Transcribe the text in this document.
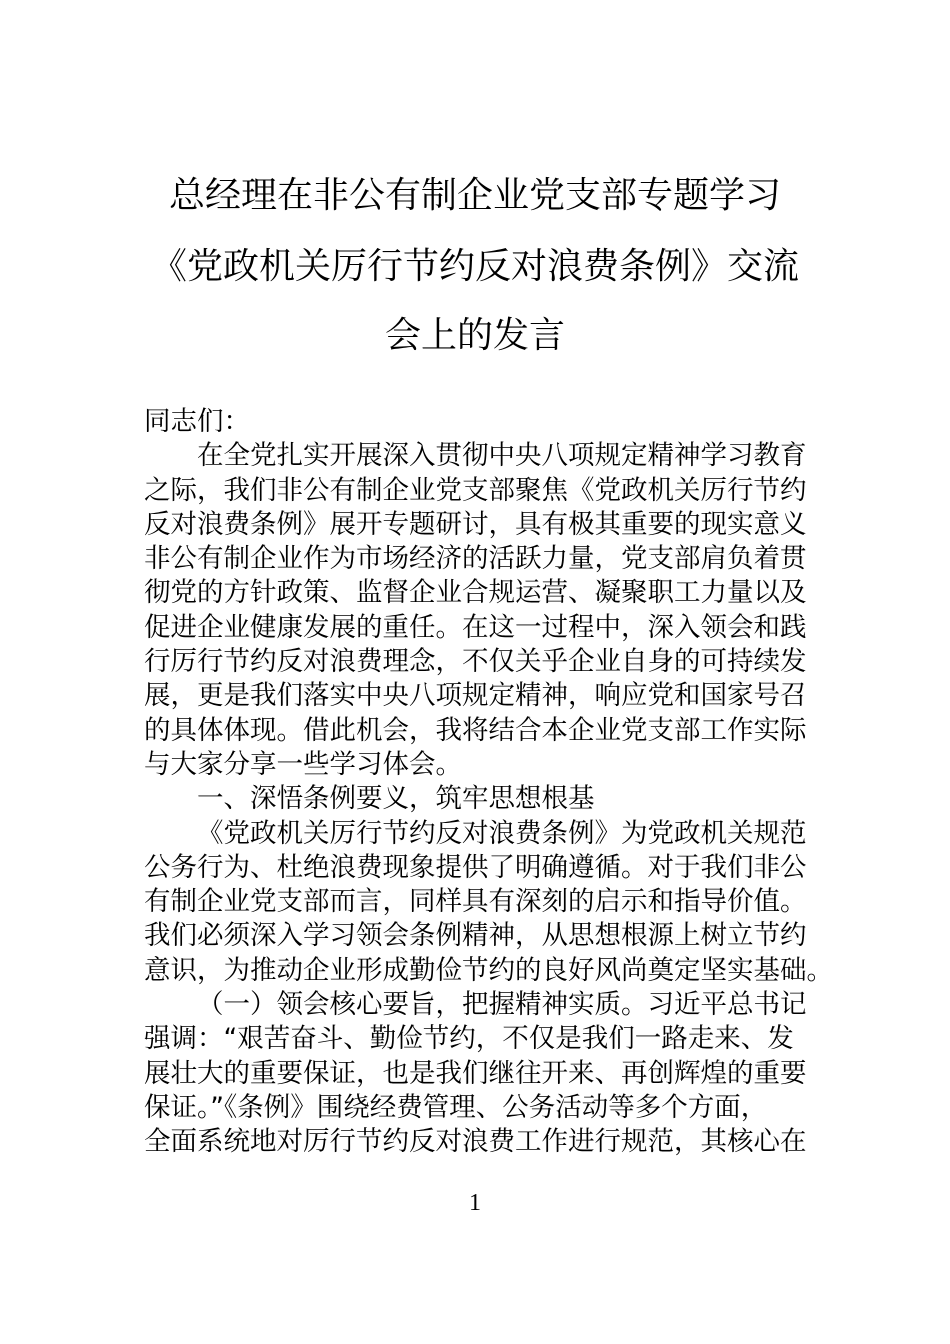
总经理在非公有制企业党支部专题学习
《党政机关厉行节约反对浪费条例》交流
会上的发言
同志们：
在全党扎实开展深入贯彻中央八项规定精神学习教育
之际，我们非公有制企业党支部聚焦《党政机关厉行节约
反对浪费条例》展开专题研讨，具有极其重要的现实意义
非公有制企业作为市场经济的活跃力量，党支部肩负着贯
彻党的方针政策、监督企业合规运营、凝聚职工力量以及
促进企业健康发展的重任。在这一过程中，深入领会和践
行厉行节约反对浪费理念，不仅关乎企业自身的可持续发
展，更是我们落实中央八项规定精神，响应党和国家号召
的具体体现。借此机会，我将结合本企业党支部工作实际
与大家分享一些学习体会。
一、深悟条例要义，筑牢思想根基
《党政机关厉行节约反对浪费条例》为党政机关规范
公务行为、杜绝浪费现象提供了明确遵循。对于我们非公
有制企业党支部而言，同样具有深刻的启示和指导价值。
我们必须深入学习领会条例精神，从思想根源上树立节约
意识，为推动企业形成勤俭节约的良好风尚奠定坚实基础。
（一）领会核心要旨，把握精神实质。习近平总书记
强调：“艰苦奋斗、勤俭节约，不仅是我们一路走来、发
展壮大的重要保证，也是我们继往开来、再创辉煌的重要
保证。”《条例》围绕经费管理、公务活动等多个方面，
全面系统地对厉行节约反对浪费工作进行规范，其核心在
1
